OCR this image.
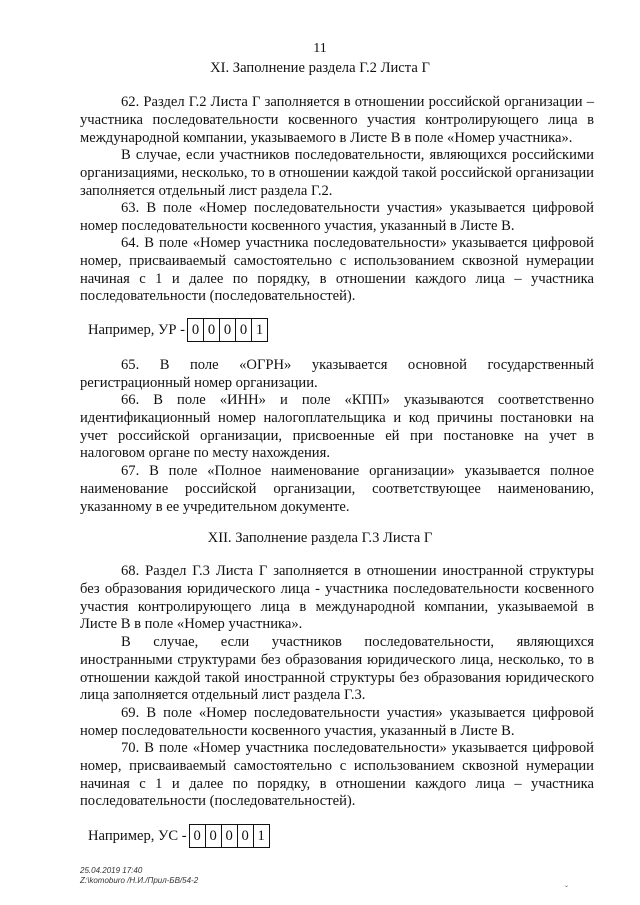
11
XI. Заполнение раздела Г.2 Листа Г

62. Раздел Г.2 Листа Г заполняется в отношении российской организации – участника последовательности косвенного участия контролирующего лица в международной компании, указываемого в Листе В в поле «Номер участника».

В случае, если участников последовательности, являющихся российскими организациями, несколько, то в отношении каждой такой российской организации заполняется отдельный лист раздела Г.2.

63. В поле «Номер последовательности участия» указывается цифровой номер последовательности косвенного участия, указанный в Листе В.

64. В поле «Номер участника последовательности» указывается цифровой номер, присваиваемый самостоятельно с использованием сквозной нумерации начиная с 1 и далее по порядку, в отношении каждого лица – участника последовательности (последовательностей).

Например, УР - 0 0 0 0 1

65. В поле «ОГРН» указывается основной государственный регистрационный номер организации.

66. В поле «ИНН» и поле «КПП» указываются соответственно идентификационный номер налогоплательщика и код причины постановки на учет российской организации, присвоенные ей при постановке на учет в налоговом органе по месту нахождения.

67. В поле «Полное наименование организации» указывается полное наименование российской организации, соответствующее наименованию, указанному в ее учредительном документе.

XII. Заполнение раздела Г.3 Листа Г

68. Раздел Г.3 Листа Г заполняется в отношении иностранной структуры без образования юридического лица - участника последовательности косвенного участия контролирующего лица в международной компании, указываемой в Листе В в поле «Номер участника».

В случае, если участников последовательности, являющихся иностранными структурами без образования юридического лица, несколько, то в отношении каждой такой иностранной структуры без образования юридического лица заполняется отдельный лист раздела Г.3.

69. В поле «Номер последовательности участия» указывается цифровой номер последовательности косвенного участия, указанный в Листе В.

70. В поле «Номер участника последовательности» указывается цифровой номер, присваиваемый самостоятельно с использованием сквозной нумерации начиная с 1 и далее по порядку, в отношении каждого лица – участника последовательности (последовательностей).

Например, УС - 0 0 0 0 1
25.04.2019 17:40
Z:\komoburo /Н.И./Прил-БВ/54-2
ˇ
